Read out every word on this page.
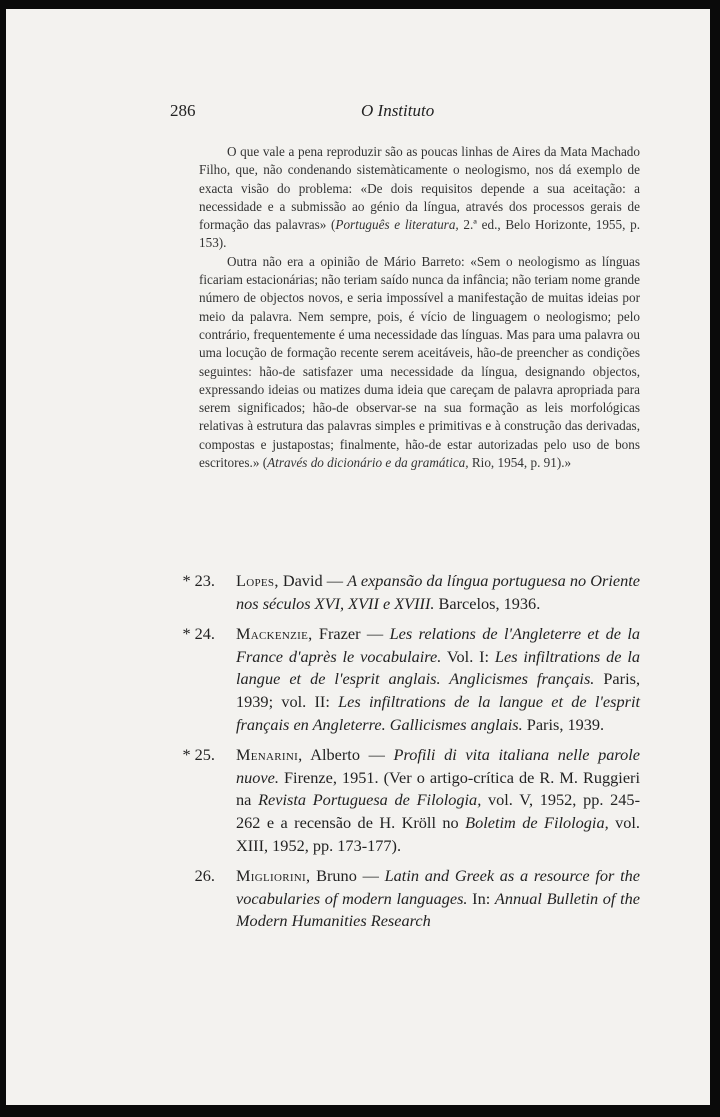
286	O Instituto

O que vale a pena reproduzir são as poucas linhas de Aires da Mata Machado Filho, que, não condenando sistemàticamente o neologismo, nos dá exemplo de exacta visão do problema: «De dois requisitos depende a sua aceitação: a necessidade e a submissão ao génio da língua, através dos processos gerais de formação das palavras» (Português e literatura, 2.ª ed., Belo Horizonte, 1955, p. 153).

Outra não era a opinião de Mário Barreto: «Sem o neologismo as línguas ficariam estacionárias; não teriam saído nunca da infância; não teriam nome grande número de objectos novos, e seria impossível a manifestação de muitas ideias por meio da palavra. Nem sempre, pois, é vício de linguagem o neologismo; pelo contrário, frequentemente é uma necessidade das línguas. Mas para uma palavra ou uma locução de formação recente serem aceitáveis, hão-de preencher as condições seguintes: hão-de satisfazer uma necessidade da língua, designando objectos, expressando ideias ou matizes duma ideia que careçam de palavra apropriada para serem significados; hão-de observar-se na sua formação as leis morfológicas relativas à estrutura das palavras simples e primitivas e à construção das derivadas, compostas e justapostas; finalmente, hão-de estar autorizadas pelo uso de bons escritores.» (Através do dicionário e da gramática, Rio, 1954, p. 91).»

* 23. Lopes, David — A expansão da língua portuguesa no Oriente nos séculos XVI, XVII e XVIII. Barcelos, 1936.
* 24. Mackenzie, Frazer — Les relations de l'Angleterre et de la France d'après le vocabulaire. Vol. I: Les infiltrations de la langue et de l'esprit anglais. Anglicismes français. Paris, 1939; vol. II: Les infiltrations de la langue et de l'esprit français en Angleterre. Gallicismes anglais. Paris, 1939.
* 25. Menarini, Alberto — Profili di vita italiana nelle parole nuove. Firenze, 1951. (Ver o artigo-crítica de R. M. Ruggieri na Revista Portuguesa de Filologia, vol. V, 1952, pp. 245-262 e a recensão de H. Kröll no Boletim de Filologia, vol. XIII, 1952, pp. 173-177).
26. Migliorini, Bruno — Latin and Greek as a resource for the vocabularies of modern languages. In: Annual Bulletin of the Modern Humanities Research
